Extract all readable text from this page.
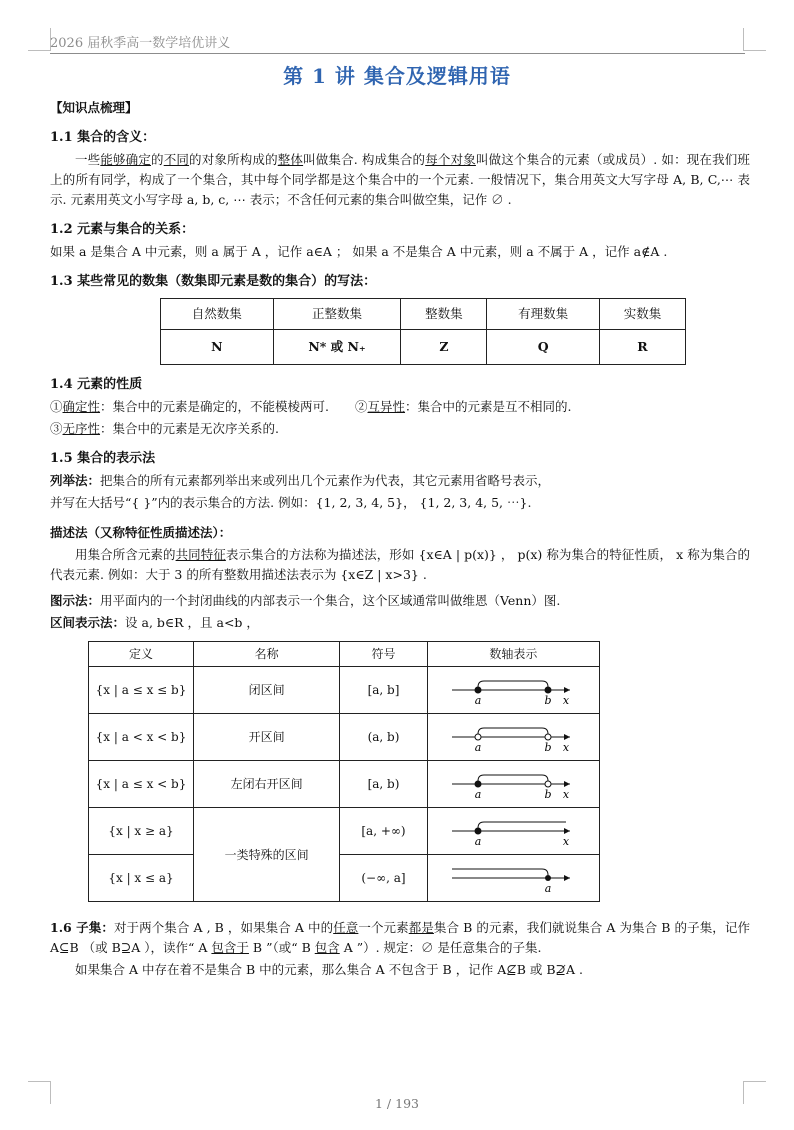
2026 届秋季高一数学培优讲义
第 1 讲 集合及逻辑用语
【知识点梳理】
1.1 集合的含义：
一些能够确定的不同的对象所构成的整体叫做集合. 构成集合的每个对象叫做这个集合的元素（或成员）. 如：现在我们班上的所有同学，构成了一个集合，其中每个同学都是这个集合中的一个元素. 一般情况下，集合用英文大写字母 A, B, C,⋯ 表示. 元素用英文小写字母 a, b, c, ⋯ 表示；不含任何元素的集合叫做空集，记作 ∅ .
1.2 元素与集合的关系：
如果 a 是集合 A 中元素，则 a 属于 A ，记作 a∈A ； 如果 a 不是集合 A 中元素，则 a 不属于 A ，记作 a∉A .
1.3 某些常见的数集（数集即元素是数的集合）的写法：
自然数集	正整数集	整数集	有理数集	实数集
N	N* 或 N₊	Z	Q	R
1.4 元素的性质
①确定性：集合中的元素是确定的，不能模棱两可. ②互异性：集合中的元素是互不相同的.
③无序性：集合中的元素是无次序关系的.
1.5 集合的表示法
列举法：把集合的所有元素都列举出来或列出几个元素作为代表，其它元素用省略号表示，
并写在大括号“{ }”内的表示集合的方法. 例如：{1, 2, 3, 4, 5}， {1, 2, 3, 4, 5, ⋯}.
描述法（又称特征性质描述法）：
用集合所含元素的共同特征表示集合的方法称为描述法，形如 {x∈A | p(x)} ， p(x) 称为集合的特征性质， x 称为集合的代表元素. 例如：大于 3 的所有整数用描述法表示为 {x∈Z | x>3} .
图示法：用平面内的一个封闭曲线的内部表示一个集合，这个区域通常叫做维恩（Venn）图.
区间表示法：设 a, b∈R ，且 a<b ，
定义	名称	符号	数轴表示
{x | a ≤ x ≤ b}	闭区间	[a, b]	a b x

{x | a < x < b}	开区间	(a, b)	a b x

{x | a ≤ x < b}	左闭右开区间	[a, b)	a b x

{x | x ≥ a}	一类特殊的区间	[a, +∞)	a x

{x | x ≤ a}		(−∞, a]	a
1.6 子集：对于两个集合 A , B ，如果集合 A 中的任意一个元素都是集合 B 的元素，我们就说集合 A 为集合 B 的子集，记作 A⊆B （或 B⊇A ），读作“ A 包含于 B ”（或“ B 包含 A ”）. 规定：∅ 是任意集合的子集.
如果集合 A 中存在着不是集合 B 中的元素，那么集合 A 不包含于 B ，记作 A⊈B 或 B⊉A .
1 / 193
